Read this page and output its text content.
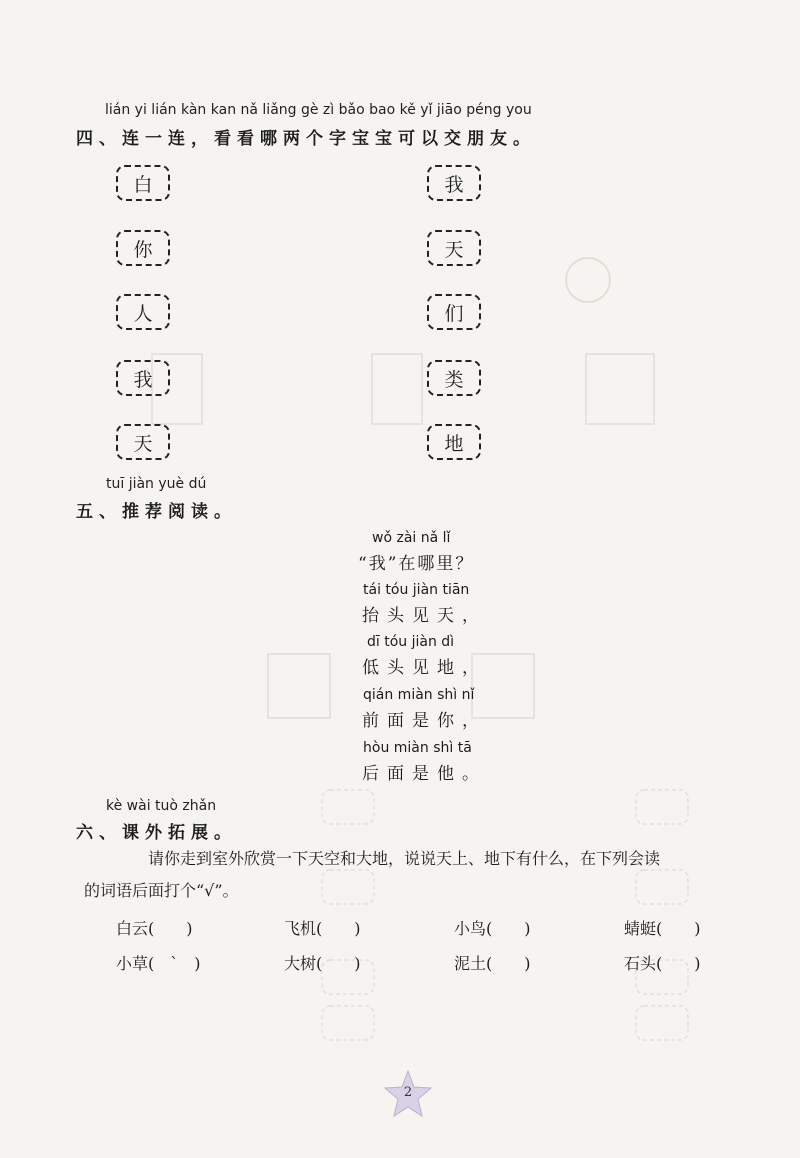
lián yi lián kàn kan nǎ liǎng gè zì bǎo bao kě yǐ jiāo péng you
四、连一连，看看哪两个字宝宝可以交朋友。
白
你
人
我
天
我
天
们
类
地
tuī jiàn yuè dú
五、推荐阅读。
wǒ zài nǎ lǐ
“我”在哪里？
tái tóu jiàn tiān
抬头见天，
dī tóu jiàn dì
低头见地，
qián miàn shì nǐ
前面是你，
hòu miàn shì tā
后面是他。
kè wài tuò zhǎn
六、课外拓展。
请你走到室外欣赏一下天空和大地，说说天上、地下有什么，在下列会读
的词语后面打个“√”。
白云(　　)	飞机(　　)	小鸟(　　)	蜻蜓(　　)
小草(　`　)	大树(　　)	泥土(　　)	石头(　　)
2
